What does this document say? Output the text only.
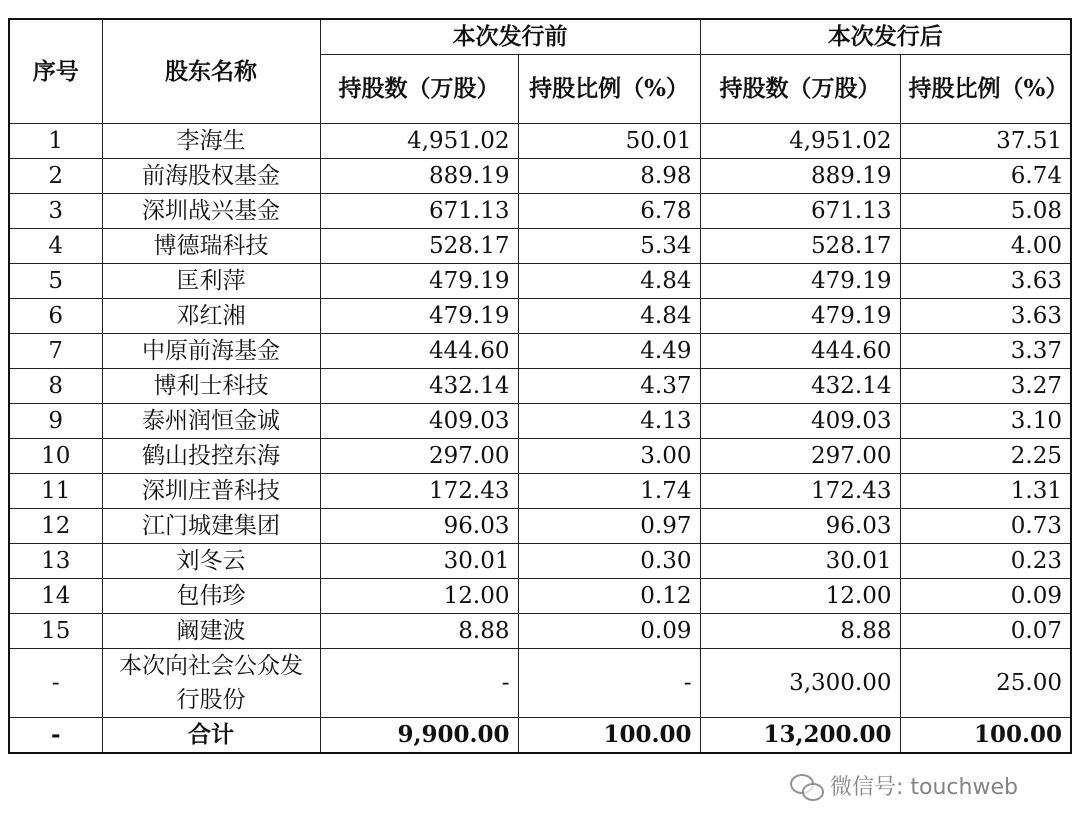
序号	股东名称	本次发行前		本次发行后	
		持股数（万股）	持股比例（%）	持股数（万股）	持股比例（%）
1	李海生	4,951.02	50.01	4,951.02	37.51
2	前海股权基金	889.19	8.98	889.19	6.74
3	深圳战兴基金	671.13	6.78	671.13	5.08
4	博德瑞科技	528.17	5.34	528.17	4.00
5	匡利萍	479.19	4.84	479.19	3.63
6	邓红湘	479.19	4.84	479.19	3.63
7	中原前海基金	444.60	4.49	444.60	3.37
8	博利士科技	432.14	4.37	432.14	3.27
9	泰州润恒金诚	409.03	4.13	409.03	3.10
10	鹤山投控东海	297.00	3.00	297.00	2.25
11	深圳庄普科技	172.43	1.74	172.43	1.31
12	江门城建集团	96.03	0.97	96.03	0.73
13	刘冬云	30.01	0.30	30.01	0.23
14	包伟珍	12.00	0.12	12.00	0.09
15	阚建波	8.88	0.09	8.88	0.07
-	本次向社会公众发行股份	-	-	3,300.00	25.00
-	合计	9,900.00	100.00	13,200.00	100.00
微信号: touchweb
